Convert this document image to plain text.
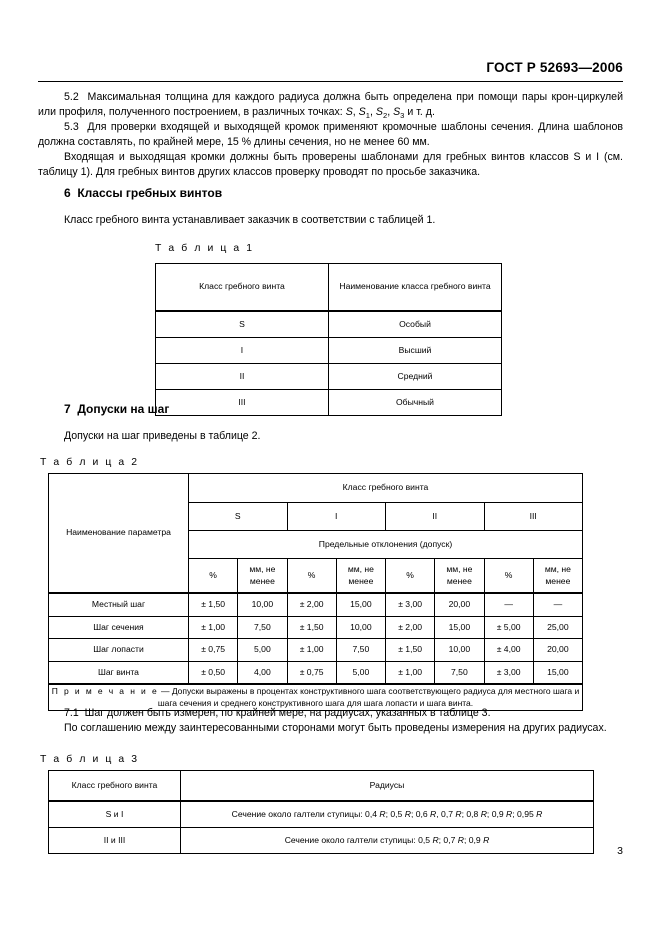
ГОСТ Р 52693—2006

5.2 Максимальная толщина для каждого радиуса должна быть определена при помощи пары крон-циркулей или профиля, полученного построением, в различных точках: S, $S_1$, $S_2$, $S_3$ и т. д.

5.3 Для проверки входящей и выходящей кромок применяют кромочные шаблоны сечения. Длина шаблонов должна составлять, по крайней мере, 15 % длины сечения, но не менее 60 мм.

Входящая и выходящая кромки должны быть проверены шаблонами для гребных винтов классов S и I (см. таблицу 1). Для гребных винтов других классов проверку проводят по просьбе заказчика.

6 Классы гребных винтов

Класс гребного винта устанавливает заказчик в соответствии с таблицей 1.

Т а б л и ц а 1

Класс гребного винта	Наименование класса гребного винта
S	Особый
I	Высший
II	Средний
III	Обычный
7 Допуски на шаг

Допуски на шаг приведены в таблице 2.

Т а б л и ц а 2

Наименование параметра	Класс гребного винта							
	S		I		II		III	
	Предельные отклонения (допуск)							
	%	мм, не менее	%	мм, не менее	%	мм, не менее	%	мм, не менее
Местный шаг	± 1,50	10,00	± 2,00	15,00	± 3,00	20,00	—	—
Шаг сечения	± 1,00	7,50	± 1,50	10,00	± 2,00	15,00	± 5,00	25,00
Шаг лопасти	± 0,75	5,00	± 1,00	7,50	± 1,50	10,00	± 4,00	20,00
Шаг винта	± 0,50	4,00	± 0,75	5,00	± 1,00	7,50	± 3,00	15,00
П р и м е ч а н и е — Допуски выражены в процентах конструктивного шага соответствующего радиуса для местного шага и шага сечения и среднего конструктивного шага для шага лопасти и шага винта.								

7.1 Шаг должен быть измерен, по крайней мере, на радиусах, указанных в таблице 3.

По соглашению между заинтересованными сторонами могут быть проведены измерения на других радиусах.

Т а б л и ц а 3

Класс гребного винта	Радиусы
S и I	Сечение около галтели ступицы: 0,4 R; 0,5 R; 0,6 R, 0,7 R; 0,8 R; 0,9 R; 0,95 R
II и III	Сечение около галтели ступицы: 0,5 R; 0,7 R; 0,9 R
3
